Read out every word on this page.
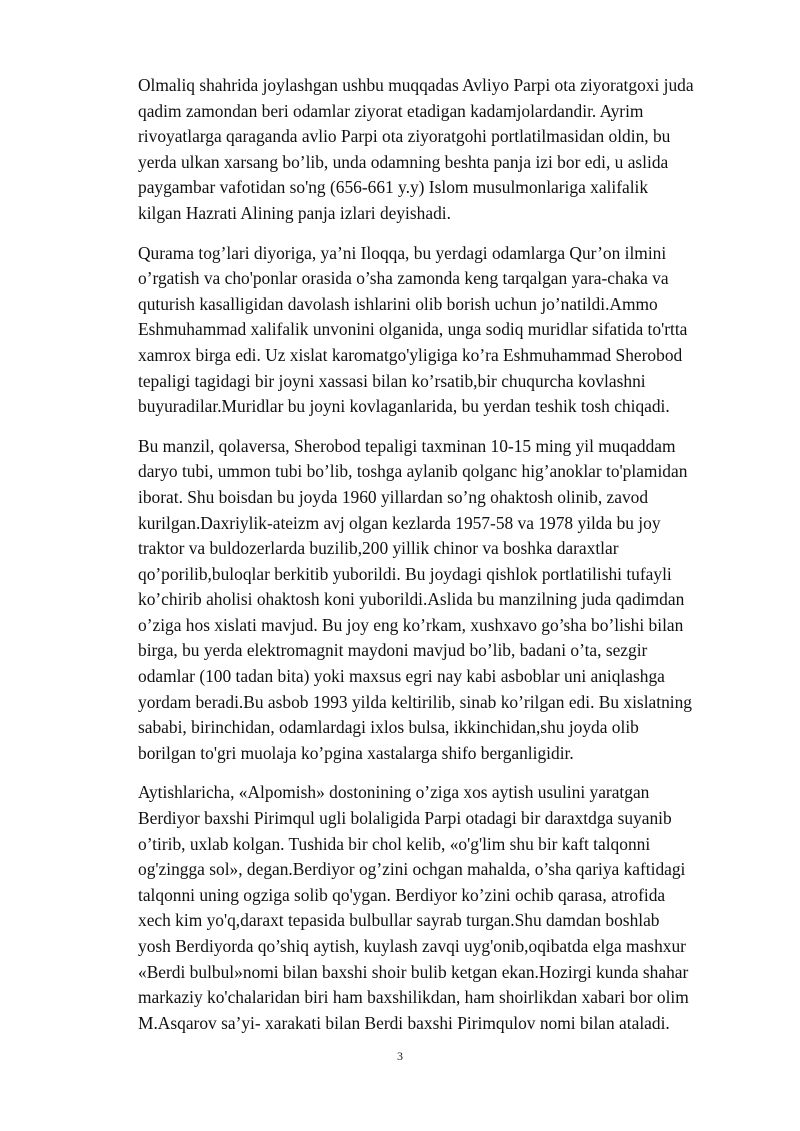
Olmaliq shahrida joylashgan ushbu muqqadas Avliyo Parpi ota ziyoratgoxi juda
qadim zamondan beri odamlar ziyorat etadigan kadamjolardandir. Ayrim
rivoyatlarga qaraganda avlio Parpi ota ziyoratgohi portlatilmasidan oldin, bu
yerda ulkan xarsang bo’lib, unda odamning beshta panja izi bor edi, u aslida
paygambar vafotidan so'ng (656-661 y.y) Islom musulmonlariga xalifalik
kilgan Hazrati Alining panja izlari deyishadi.

Qurama tog’lari diyoriga, ya’ni Iloqqa, bu yerdagi odamlarga Qur’on ilmini
o’rgatish va cho'ponlar orasida o’sha zamonda keng tarqalgan yara-chaka va
quturish kasalligidan davolash ishlarini olib borish uchun jo’natildi.Ammo
Eshmuhammad xalifalik unvonini olganida, unga sodiq muridlar sifatida to'rtta
xamrox birga edi. Uz xislat karomatgo'yligiga ko’ra Eshmuhammad Sherobod
tepaligi tagidagi bir joyni xassasi bilan ko’rsatib,bir chuqurcha kovlashni
buyuradilar.Muridlar bu joyni kovlaganlarida, bu yerdan teshik tosh chiqadi.

Bu manzil, qolaversa, Sherobod tepaligi taxminan 10-15 ming yil muqaddam
daryo tubi, ummon tubi bo’lib, toshga aylanib qolganc hig’anoklar to'plamidan
iborat. Shu boisdan bu joyda 1960 yillardan so’ng ohaktosh olinib, zavod
kurilgan.Daxriylik-ateizm avj olgan kezlarda 1957-58 va 1978 yilda bu joy
traktor va buldozerlarda buzilib,200 yillik chinor va boshka daraxtlar
qo’porilib,buloqlar berkitib yuborildi. Bu joydagi qishlok portlatilishi tufayli
ko’chirib aholisi ohaktosh koni yuborildi.Aslida bu manzilning juda qadimdan
o’ziga hos xislati mavjud. Bu joy eng ko’rkam, xushxavo go’sha bo’lishi bilan
birga, bu yerda elektromagnit maydoni mavjud bo’lib, badani o’ta, sezgir
odamlar (100 tadan bita) yoki maxsus egri nay kabi asboblar uni aniqlashga
yordam beradi.Bu asbob 1993 yilda keltirilib, sinab ko’rilgan edi. Bu xislatning
sababi, birinchidan, odamlardagi ixlos bulsa, ikkinchidan,shu joyda olib
borilgan to'gri muolaja ko’pgina xastalarga shifo berganligidir.

Aytishlaricha, «Alpomish» dostonining o’ziga xos aytish usulini yaratgan
Berdiyor baxshi Pirimqul ugli bolaligida Parpi otadagi bir daraxtdga suyanib
o’tirib, uxlab kolgan. Tushida bir chol kelib, «o'g'lim shu bir kaft talqonni
og'zingga sol», degan.Berdiyor og’zini ochgan mahalda, o’sha qariya kaftidagi
talqonni uning ogziga solib qo'ygan. Berdiyor ko’zini ochib qarasa, atrofida
xech kim yo'q,daraxt tepasida bulbullar sayrab turgan.Shu damdan boshlab
yosh Berdiyorda qo’shiq aytish, kuylash zavqi uyg'onib,oqibatda elga mashxur
«Berdi bulbul»nomi bilan baxshi shoir bulib ketgan ekan.Hozirgi kunda shahar
markaziy ko'chalaridan biri ham baxshilikdan, ham shoirlikdan xabari bor olim
M.Asqarov sa’yi- xarakati bilan Berdi baxshi Pirimqulov nomi bilan ataladi.

3
